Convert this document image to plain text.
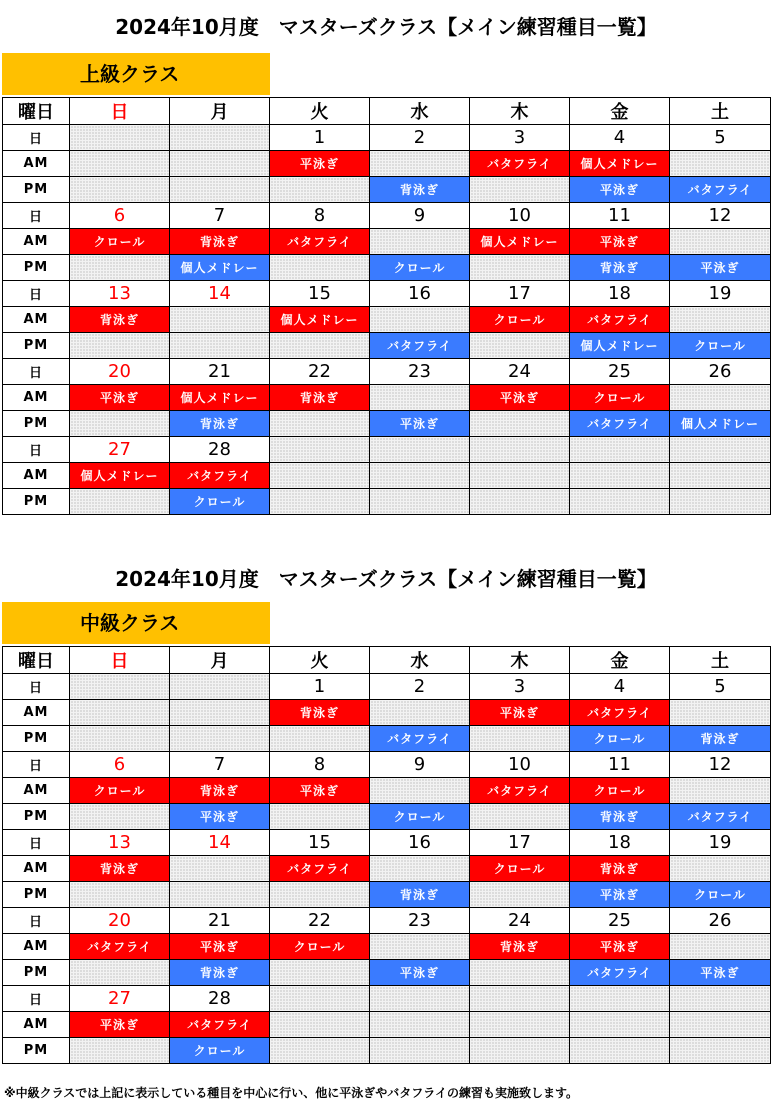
2024年10月度　マスターズクラス【メイン練習種目一覧】
上級クラス
曜日	日	月	火	水	木	金	土
日			1	2	3	4	5
AM			平泳ぎ		バタフライ	個人メドレー	
PM				背泳ぎ		平泳ぎ	バタフライ
日	6	7	8	9	10	11	12
AM	クロール	背泳ぎ	バタフライ		個人メドレー	平泳ぎ	
PM		個人メドレー		クロール		背泳ぎ	平泳ぎ
日	13	14	15	16	17	18	19
AM	背泳ぎ		個人メドレー		クロール	バタフライ	
PM				バタフライ		個人メドレー	クロール
日	20	21	22	23	24	25	26
AM	平泳ぎ	個人メドレー	背泳ぎ		平泳ぎ	クロール	
PM		背泳ぎ		平泳ぎ		バタフライ	個人メドレー
日	27	28					
AM	個人メドレー	バタフライ					
PM		クロール					
2024年10月度　マスターズクラス【メイン練習種目一覧】
中級クラス
曜日	日	月	火	水	木	金	土
日			1	2	3	4	5
AM			背泳ぎ		平泳ぎ	バタフライ	
PM				バタフライ		クロール	背泳ぎ
日	6	7	8	9	10	11	12
AM	クロール	背泳ぎ	平泳ぎ		バタフライ	クロール	
PM		平泳ぎ		クロール		背泳ぎ	バタフライ
日	13	14	15	16	17	18	19
AM	背泳ぎ		バタフライ		クロール	背泳ぎ	
PM				背泳ぎ		平泳ぎ	クロール
日	20	21	22	23	24	25	26
AM	バタフライ	平泳ぎ	クロール		背泳ぎ	平泳ぎ	
PM		背泳ぎ		平泳ぎ		バタフライ	平泳ぎ
日	27	28					
AM	平泳ぎ	バタフライ					
PM		クロール					
※中級クラスでは上記に表示している種目を中心に行い、他に平泳ぎやバタフライの練習も実施致します。
